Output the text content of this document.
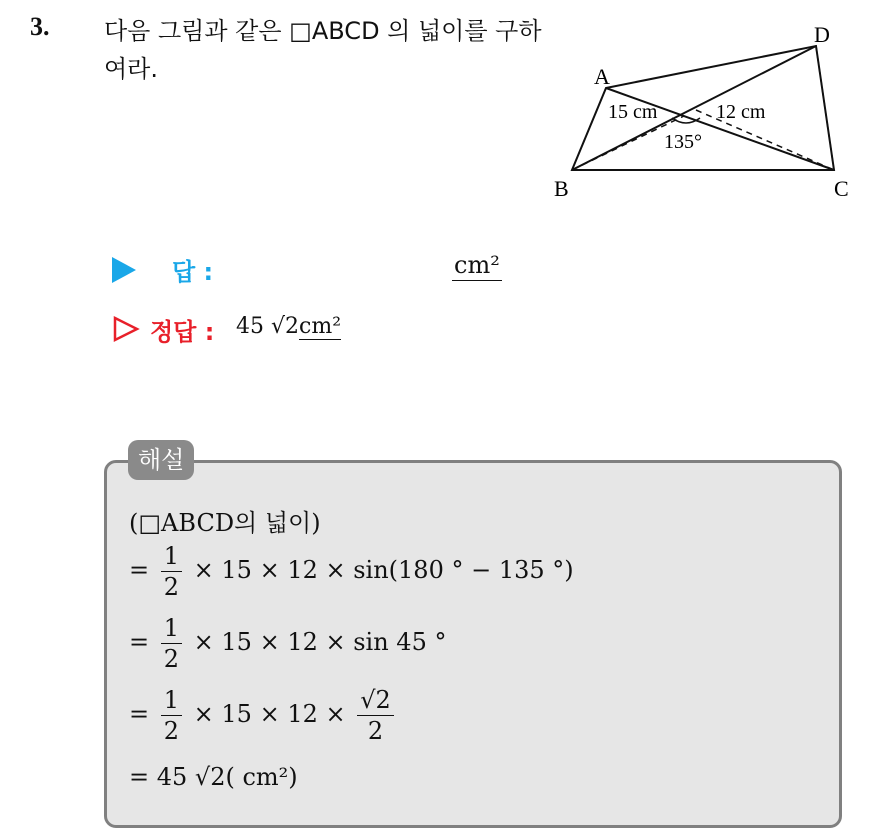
3. 다음 그림과 같은 □ABCD 의 넓이를 구하여라.	A
B	C
D
15 cm	12 cm
135°
답 :	cm²
정답 : 45 √2cm²
(□ABCD의 넓이)
= $\frac{1}{2} \times 15 \times 12 \times \sin(180$ ° − 135 °)
= $\frac{1}{2} \times 15 \times 12 \times \sin 45$ °
= $\frac{1}{2} \times 15 \times 12 \times \frac{√2}{2}$
= 45 √2( cm²)
해설
